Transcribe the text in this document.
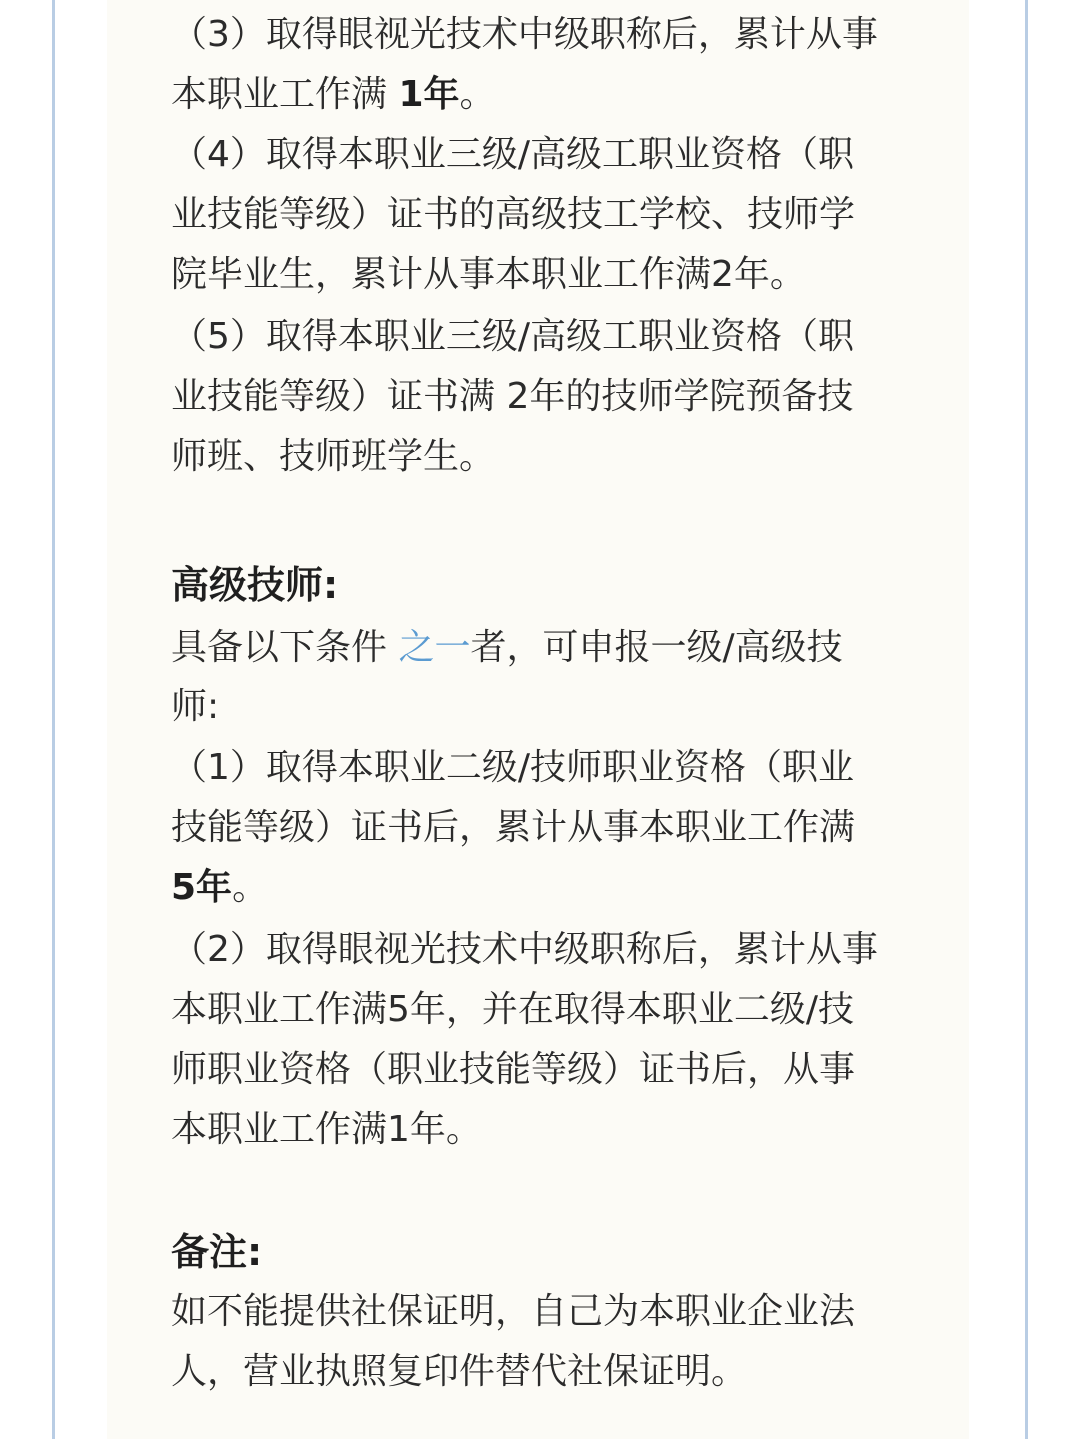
（3）取得眼视光技术中级职称后，累计从事
本职业工作满 1年。
（4）取得本职业三级/高级工职业资格（职
业技能等级）证书的高级技工学校、技师学
院毕业生，累计从事本职业工作满2年。
（5）取得本职业三级/高级工职业资格（职
业技能等级）证书满 2年的技师学院预备技
师班、技师班学生。
高级技师:
具备以下条件 之一者，可申报一级/高级技
师:
（1）取得本职业二级/技师职业资格（职业
技能等级）证书后，累计从事本职业工作满
5年。
（2）取得眼视光技术中级职称后，累计从事
本职业工作满5年，并在取得本职业二级/技
师职业资格（职业技能等级）证书后，从事
本职业工作满1年。
备注:
如不能提供社保证明，自己为本职业企业法
人，营业执照复印件替代社保证明。
